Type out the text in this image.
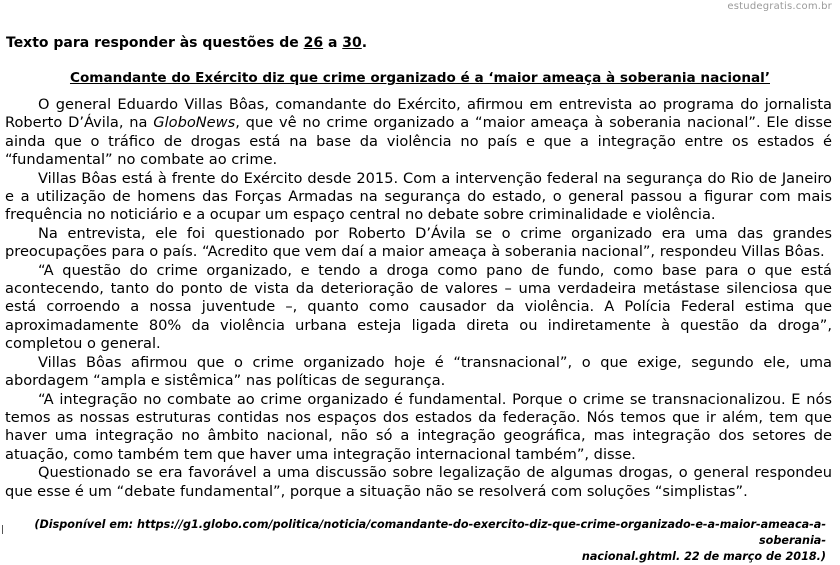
estudegratis.com.br
Texto para responder às questões de 26 a 30.
Comandante do Exército diz que crime organizado é a ‘maior ameaça à soberania nacional’

O general Eduardo Villas Bôas, comandante do Exército, afirmou em entrevista ao programa do jornalista Roberto D’Ávila, na GloboNews, que vê no crime organizado a “maior ameaça à soberania nacional”. Ele disse ainda que o tráfico de drogas está na base da violência no país e que a integração entre os estados é “fundamental” no combate ao crime.

Villas Bôas está à frente do Exército desde 2015. Com a intervenção federal na segurança do Rio de Janeiro e a utilização de homens das Forças Armadas na segurança do estado, o general passou a figurar com mais frequência no noticiário e a ocupar um espaço central no debate sobre criminalidade e violência.

Na entrevista, ele foi questionado por Roberto D’Ávila se o crime organizado era uma das grandes preocupações para o país. “Acredito que vem daí a maior ameaça à soberania nacional”, respondeu Villas Bôas.

“A questão do crime organizado, e tendo a droga como pano de fundo, como base para o que está acontecendo, tanto do ponto de vista da deterioração de valores – uma verdadeira metástase silenciosa que está corroendo a nossa juventude –, quanto como causador da violência. A Polícia Federal estima que aproximadamente 80% da violência urbana esteja ligada direta ou indiretamente à questão da droga”, completou o general.

Villas Bôas afirmou que o crime organizado hoje é “transnacional”, o que exige, segundo ele, uma abordagem “ampla e sistêmica” nas políticas de segurança.

“A integração no combate ao crime organizado é fundamental. Porque o crime se transnacionalizou. E nós temos as nossas estruturas contidas nos espaços dos estados da federação. Nós temos que ir além, tem que haver uma integração no âmbito nacional, não só a integração geográfica, mas integração dos setores de atuação, como também tem que haver uma integração internacional também”, disse.

Questionado se era favorável a uma discussão sobre legalização de algumas drogas, o general respondeu que esse é um “debate fundamental”, porque a situação não se resolverá com soluções “simplistas”.

(Disponível em: https://g1.globo.com/politica/noticia/comandante-do-exercito-diz-que-crime-organizado-e-a-maior-ameaca-a-soberania-
nacional.ghtml. 22 de março de 2018.)
